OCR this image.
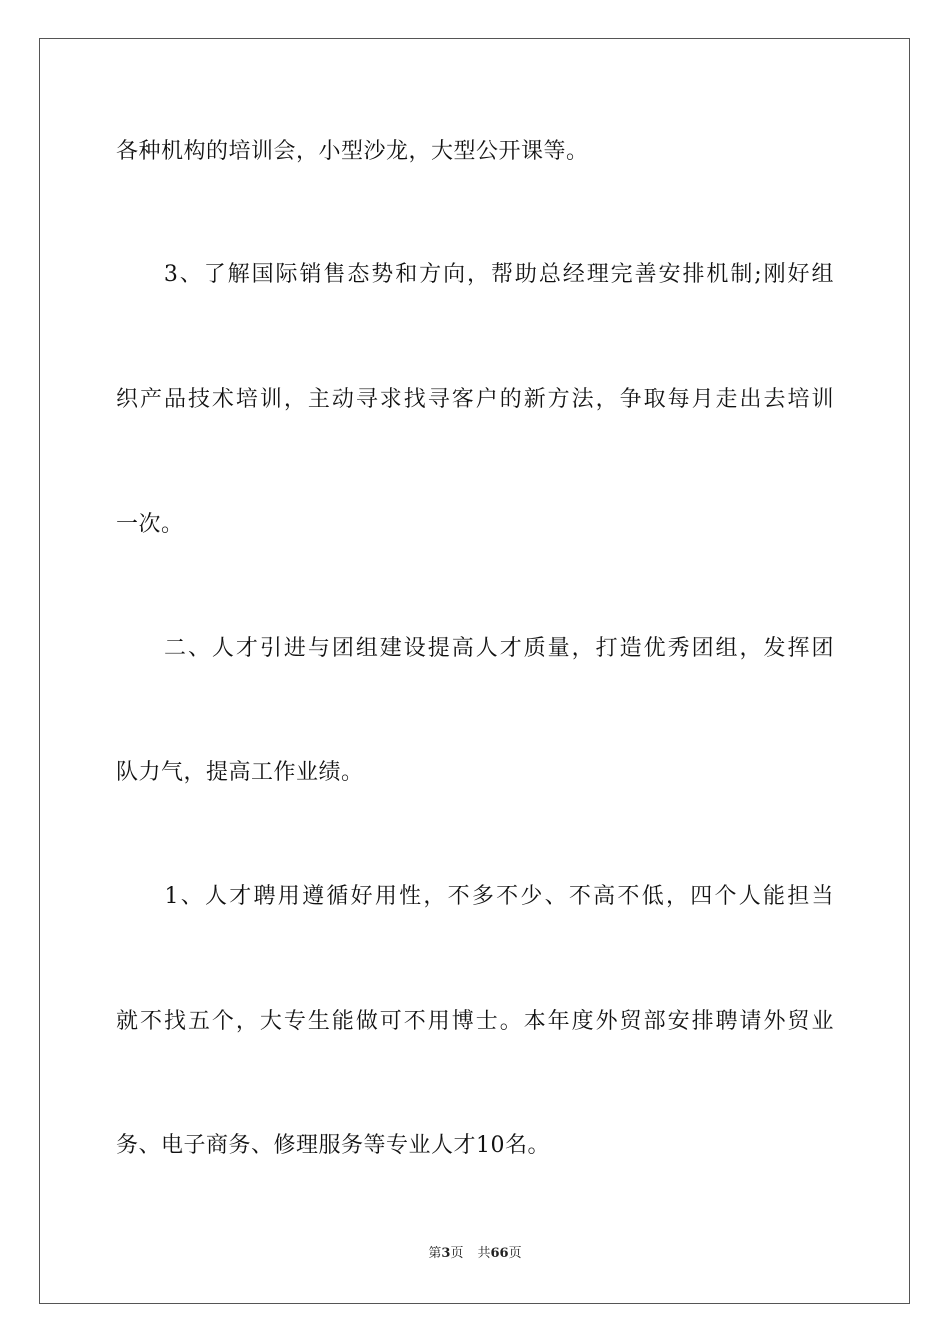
各种机构的培训会，小型沙龙，大型公开课等。
　　3、了解国际销售态势和方向，帮助总经理完善安排机制;刚好组
织产品技术培训，主动寻求找寻客户的新方法，争取每月走出去培训
一次。
　　二、人才引进与团组建设提高人才质量，打造优秀团组，发挥团
队力气，提高工作业绩。
　　1、人才聘用遵循好用性，不多不少、不高不低，四个人能担当
就不找五个，大专生能做可不用博士。本年度外贸部安排聘请外贸业
务、电子商务、修理服务等专业人才10名。
第3页 共66页
